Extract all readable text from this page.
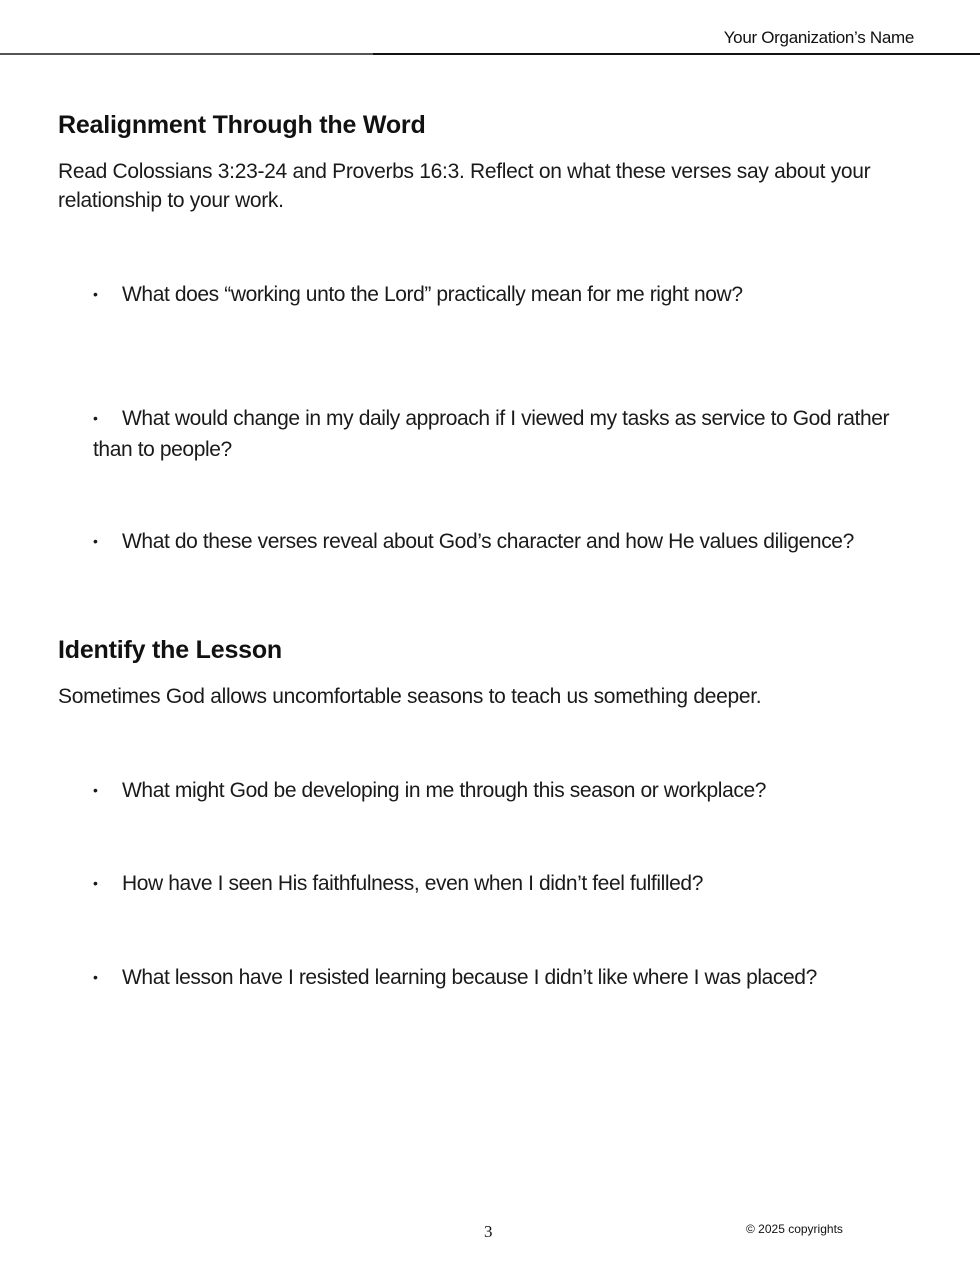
Your Organization’s Name
Realignment Through the Word

Read Colossians 3:23-24 and Proverbs 16:3. Reflect on what these verses say about your relationship to your work.

• What does “working unto the Lord” practically mean for me right now?

• What would change in my daily approach if I viewed my tasks as service to God rather than to people?

• What do these verses reveal about God’s character and how He values diligence?

Identify the Lesson

Sometimes God allows uncomfortable seasons to teach us something deeper.

• What might God be developing in me through this season or workplace?

• How have I seen His faithfulness, even when I didn’t feel fulfilled?

• What lesson have I resisted learning because I didn’t like where I was placed?

3	© 2025 copyrights
